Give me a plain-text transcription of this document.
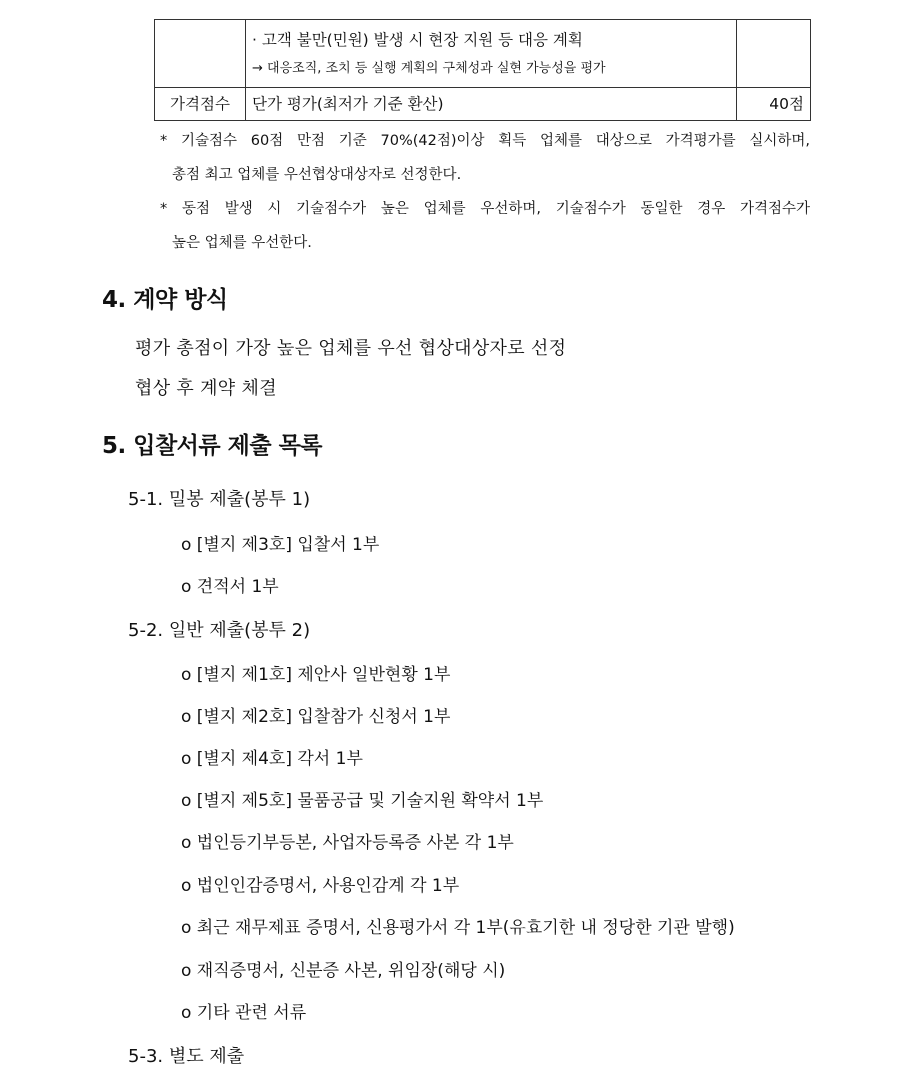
	· 고객 불만(민원) 발생 시 현장 지원 등 대응 계획
→ 대응조직, 조치 등 실행 계획의 구체성과 실현 가능성을 평가	

가격점수	단가 평가(최저가 기준 환산)	40점
* 기술점수 60점 만점 기준 70%(42점)이상 획득 업체를 대상으로 가격평가를 실시하며,
총점 최고 업체를 우선협상대상자로 선정한다.
* 동점 발생 시 기술점수가 높은 업체를 우선하며, 기술점수가 동일한 경우 가격점수가
높은 업체를 우선한다.
4. 계약 방식
평가 총점이 가장 높은 업체를 우선 협상대상자로 선정
협상 후 계약 체결
5. 입찰서류 제출 목록
5-1. 밀봉 제출(봉투 1)
o [별지 제3호] 입찰서 1부
o 견적서 1부
5-2. 일반 제출(봉투 2)
o [별지 제1호] 제안사 일반현황 1부
o [별지 제2호] 입찰참가 신청서 1부
o [별지 제4호] 각서 1부
o [별지 제5호] 물품공급 및 기술지원 확약서 1부
o 법인등기부등본, 사업자등록증 사본 각 1부
o 법인인감증명서, 사용인감계 각 1부
o 최근 재무제표 증명서, 신용평가서 각 1부(유효기한 내 정당한 기관 발행)
o 재직증명서, 신분증 사본, 위임장(해당 시)
o 기타 관련 서류
5-3. 별도 제출
